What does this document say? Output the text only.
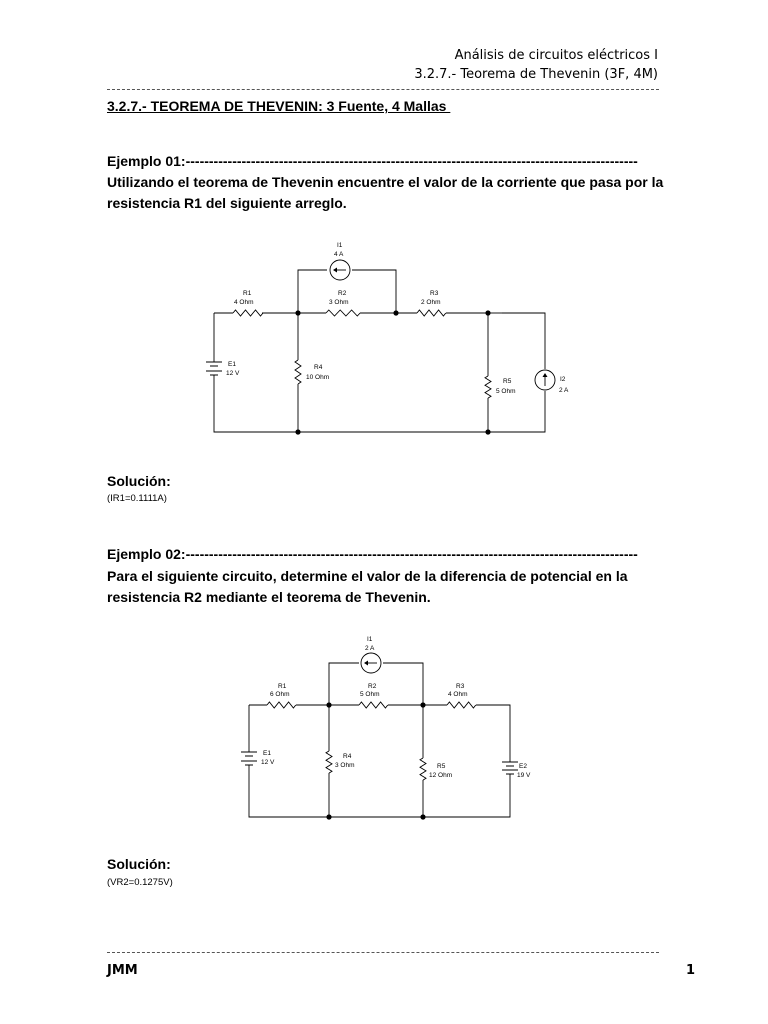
Análisis de circuitos eléctricos I
3.2.7.- Teorema de Thevenin (3F, 4M)
3.2.7.- TEOREMA DE THEVENIN: 3 Fuente, 4 Mallas
Ejemplo 01:-------------------------------------------------------------------------------------------------
Utilizando el teorema de Thevenin encuentre el valor de la corriente que pasa por la resistencia R1 del siguiente arreglo.
I1
4 A
R1
4 Ohm
R2
3 Ohm
R3
2 Ohm
R4
10 Ohm
R5
5 Ohm
E1
12 V
I2
2 A
I1
2 A
R1
6 Ohm
R2
5 Ohm
R3
4 Ohm
R4
3 Ohm	R5
12 Ohm
E1
12 V
E2
19 V
Solución:
(IR1=0.1111A)
Ejemplo 02:-------------------------------------------------------------------------------------------------
Para el siguiente circuito, determine el valor de la diferencia de potencial en la resistencia R2 mediante el teorema de Thevenin.
Solución:
(VR2=0.1275V)
JMM	1
